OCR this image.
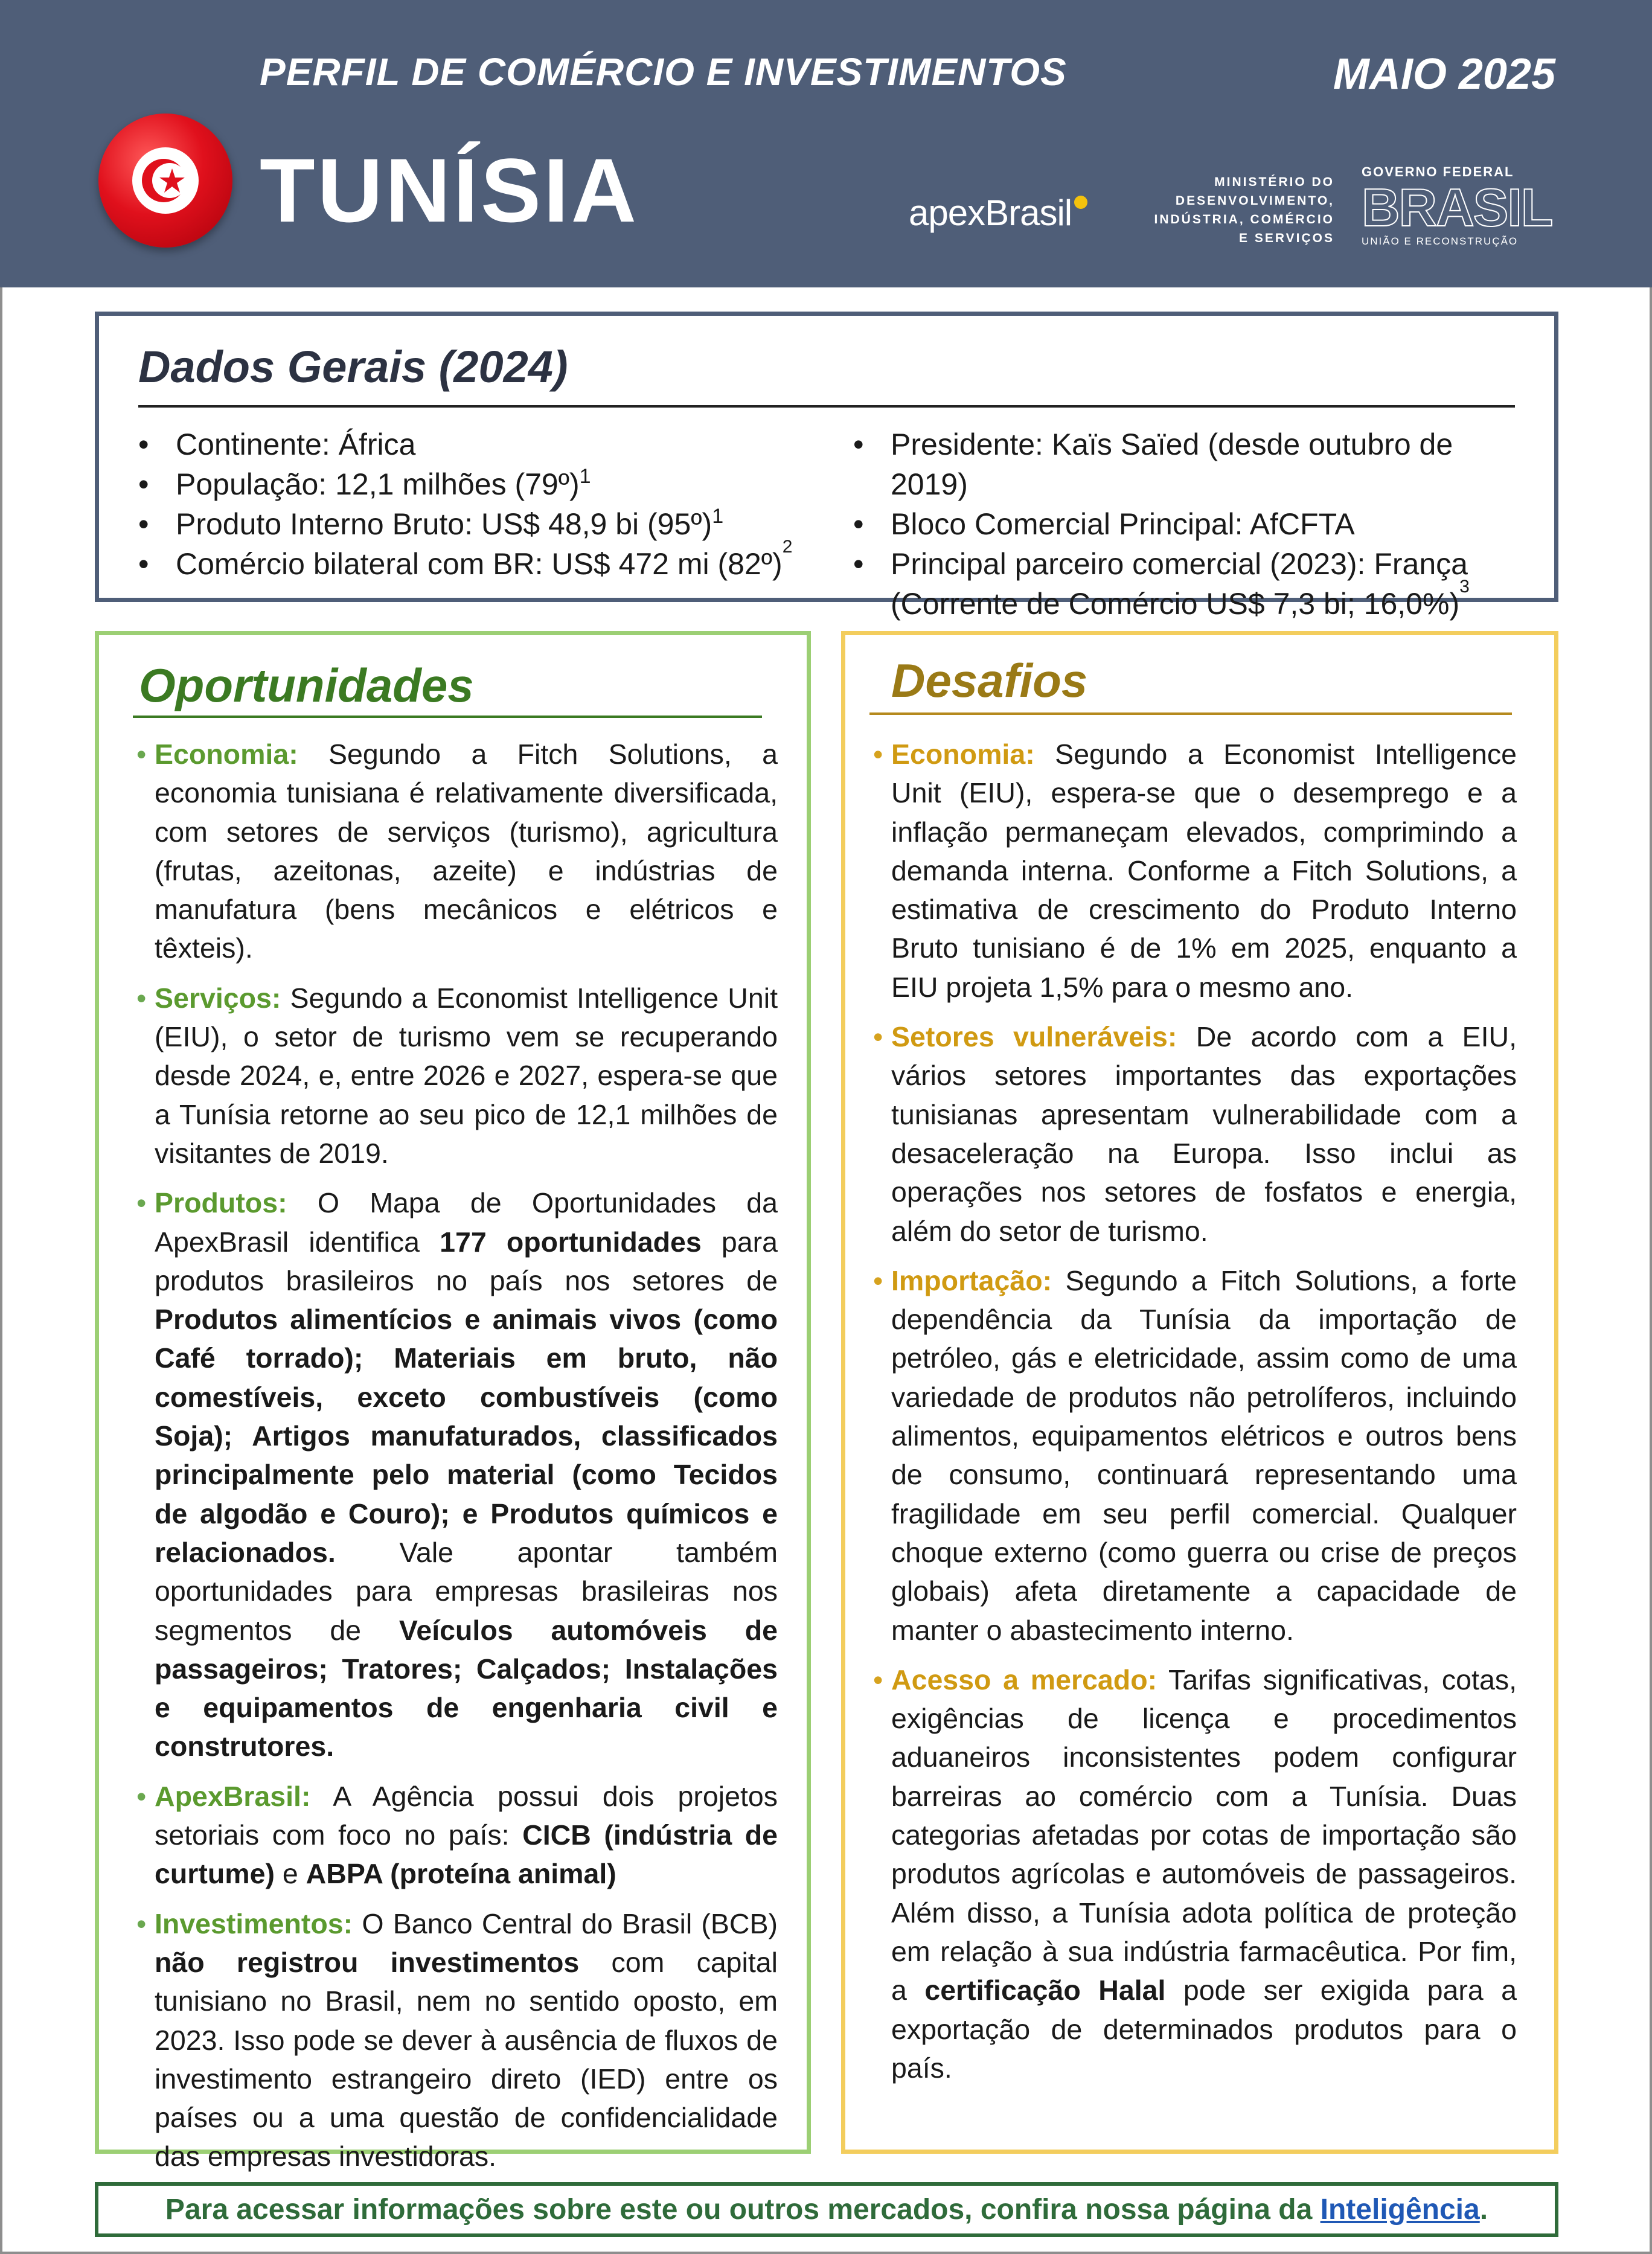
PERFIL DE COMÉRCIO E INVESTIMENTOS	MAIO 2025
TUNÍSIA	apexBrasil
MINISTÉRIO DO
DESENVOLVIMENTO,
INDÚSTRIA, COMÉRCIO
E SERVIÇOS
GOVERNO FEDERAL
BRASIL
UNIÃO E RECONSTRUÇÃO
Dados Gerais (2024)
• Continente: África
• População: 12,1 milhões (79º)$^1$
• Produto Interno Bruto: US$ 48,9 bi (95º)$^1$
• Comércio bilateral com BR: US$ 472 mi (82º)$^2$
• Presidente: Kaïs Saïed (desde outubro de 2019)
• Bloco Comercial Principal: AfCFTA
• Principal parceiro comercial (2023): França
(Corrente de Comércio US$ 7,3 bi; 16,0%)$^3$
Oportunidades
• Economia: Segundo a Fitch Solutions, a economia tunisiana é relativamente diversificada, com setores de serviços (turismo), agricultura (frutas, azeitonas, azeite) e indústrias de manufatura (bens mecânicos e elétricos e têxteis).
• Serviços: Segundo a Economist Intelligence Unit (EIU), o setor de turismo vem se recuperando desde 2024, e, entre 2026 e 2027, espera-se que a Tunísia retorne ao seu pico de 12,1 milhões de visitantes de 2019.
• Produtos: O Mapa de Oportunidades da ApexBrasil identifica 177 oportunidades para produtos brasileiros no país nos setores de Produtos alimentícios e animais vivos (como Café torrado); Materiais em bruto, não comestíveis, exceto combustíveis (como Soja); Artigos manufaturados, classificados principalmente pelo material (como Tecidos de algodão e Couro); e Produtos químicos e relacionados. Vale apontar também oportunidades para empresas brasileiras nos segmentos de Veículos automóveis de passageiros; Tratores; Calçados; Instalações e equipamentos de engenharia civil e construtores.
• ApexBrasil: A Agência possui dois projetos setoriais com foco no país: CICB (indústria de curtume) e ABPA (proteína animal)
• Investimentos: O Banco Central do Brasil (BCB) não registrou investimentos com capital tunisiano no Brasil, nem no sentido oposto, em 2023. Isso pode se dever à ausência de fluxos de investimento estrangeiro direto (IED) entre os países ou a uma questão de confidencialidade das empresas investidoras.
Desafios
• Economia: Segundo a Economist Intelligence Unit (EIU), espera-se que o desemprego e a inflação permaneçam elevados, comprimindo a demanda interna. Conforme a Fitch Solutions, a estimativa de crescimento do Produto Interno Bruto tunisiano é de 1% em 2025, enquanto a EIU projeta 1,5% para o mesmo ano.
• Setores vulneráveis: De acordo com a EIU, vários setores importantes das exportações tunisianas apresentam vulnerabilidade com a desaceleração na Europa. Isso inclui as operações nos setores de fosfatos e energia, além do setor de turismo.
• Importação: Segundo a Fitch Solutions, a forte dependência da Tunísia da importação de petróleo, gás e eletricidade, assim como de uma variedade de produtos não petrolíferos, incluindo alimentos, equipamentos elétricos e outros bens de consumo, continuará representando uma fragilidade em seu perfil comercial. Qualquer choque externo (como guerra ou crise de preços globais) afeta diretamente a capacidade de manter o abastecimento interno.
• Acesso a mercado: Tarifas significativas, cotas, exigências de licença e procedimentos aduaneiros inconsistentes podem configurar barreiras ao comércio com a Tunísia. Duas categorias afetadas por cotas de importação são produtos agrícolas e automóveis de passageiros. Além disso, a Tunísia adota política de proteção em relação à sua indústria farmacêutica. Por fim, a certificação Halal pode ser exigida para a exportação de determinados produtos para o país.

Para acessar informações sobre este ou outros mercados, confira nossa página da Inteligência.
